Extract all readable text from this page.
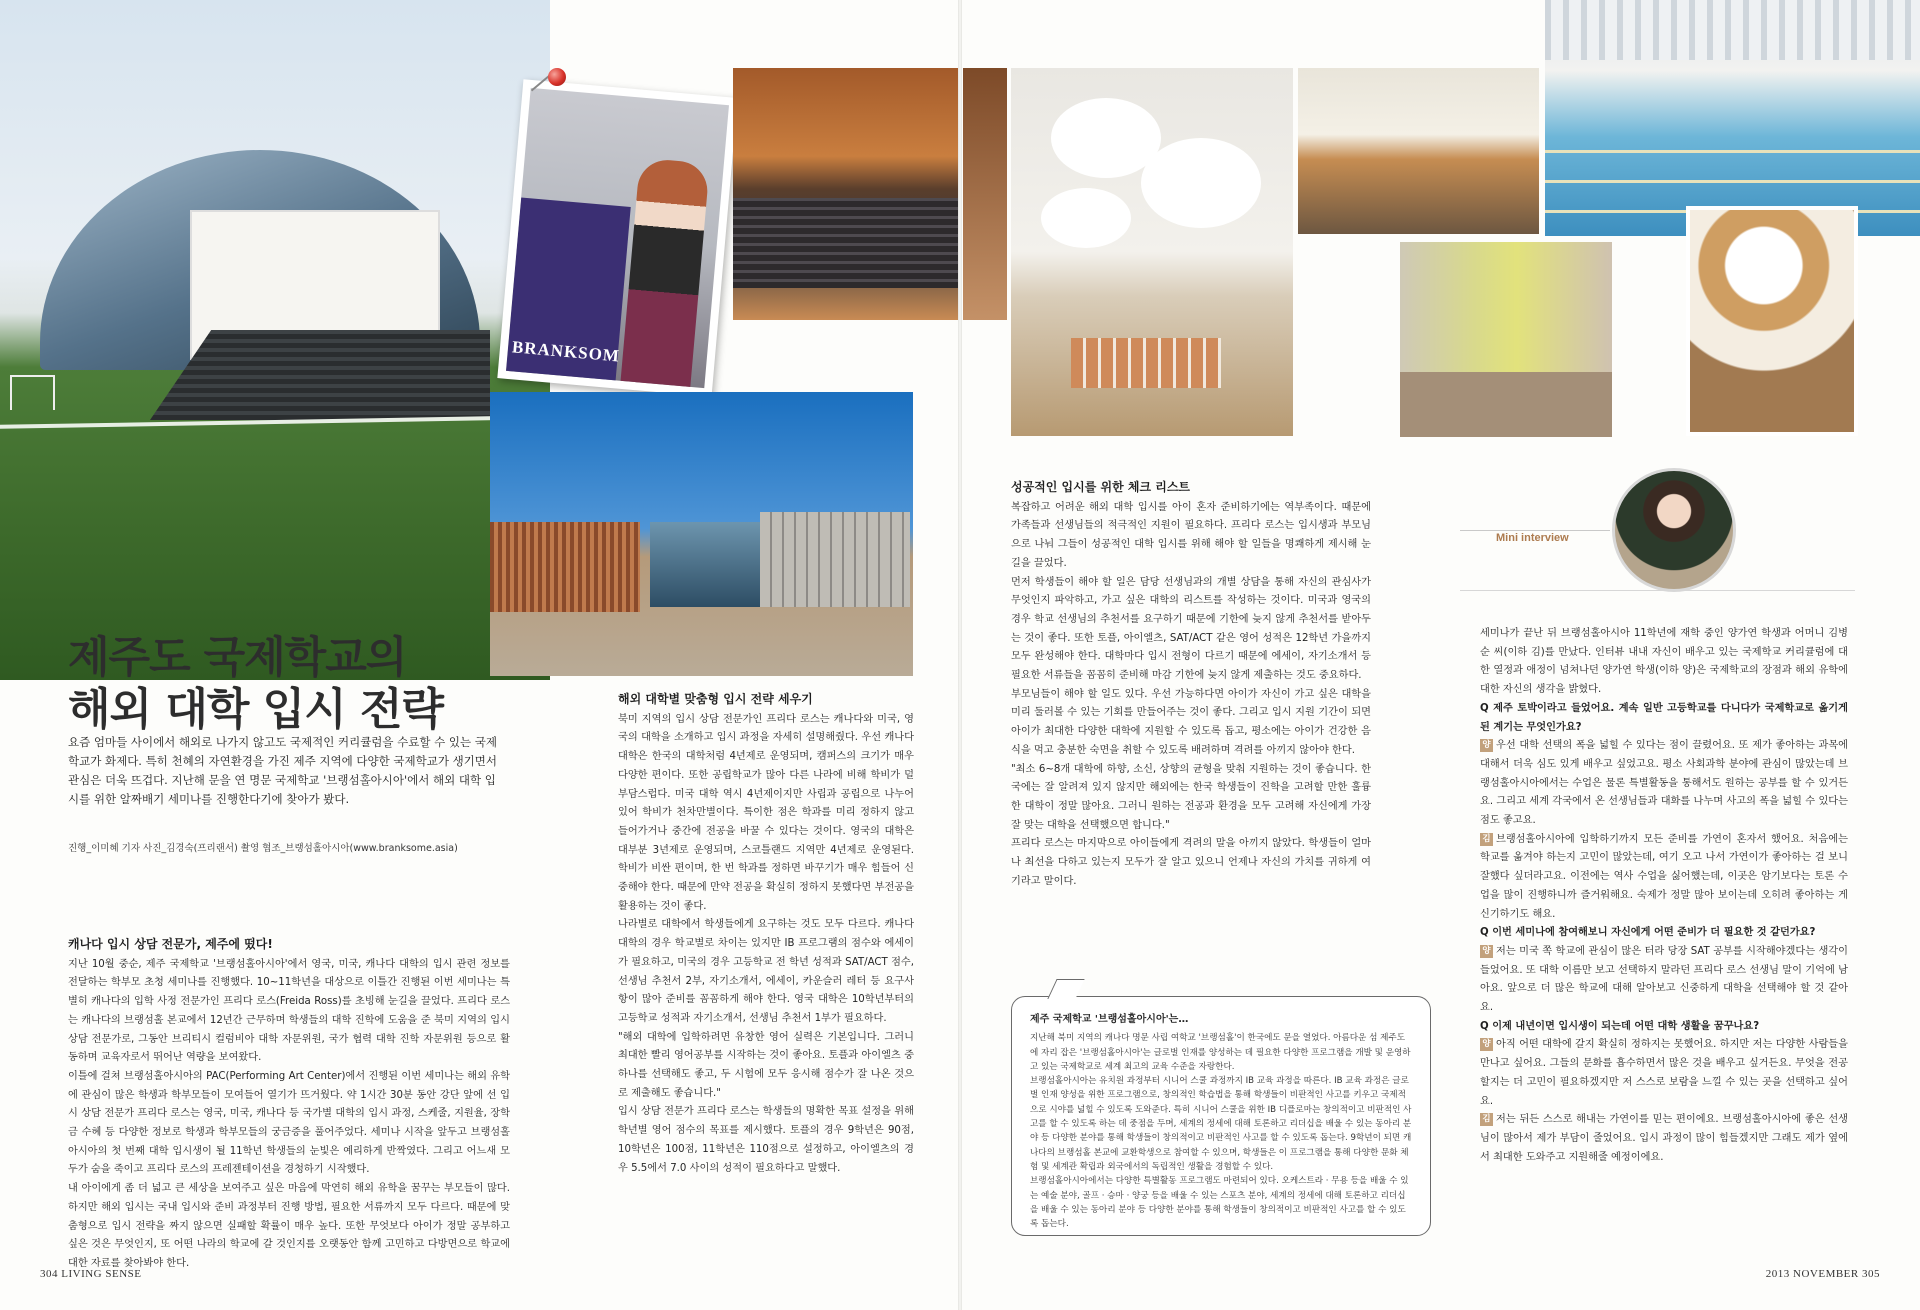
BRANKSOM
제주도 국제학교의
해외 대학 입시 전략
요즘 엄마들 사이에서 해외로 나가지 않고도 국제적인 커리큘럼을 수료할 수 있는 국제학교가 화제다. 특히 천혜의 자연환경을 가진 제주 지역에 다양한 국제학교가 생기면서 관심은 더욱 뜨겁다. 지난해 문을 연 명문 국제학교 '브랭섬홀아시아'에서 해외 대학 입시를 위한 알짜배기 세미나를 진행한다기에 찾아가 봤다.
진행_이미혜 기자 사진_김경숙(프리랜서) 촬영 협조_브랭섬홀아시아(www.branksome.asia)
캐나다 입시 상담 전문가, 제주에 떴다!

지난 10월 중순, 제주 국제학교 '브랭섬홀아시아'에서 영국, 미국, 캐나다 대학의 입시 관련 정보를 전달하는 학부모 초청 세미나를 진행했다. 10~11학년을 대상으로 이틀간 진행된 이번 세미나는 특별히 캐나다의 입학 사정 전문가인 프리다 로스(Freida Ross)를 초빙해 눈길을 끌었다. 프리다 로스는 캐나다의 브랭섬홀 본교에서 12년간 근무하며 학생들의 대학 진학에 도움을 준 북미 지역의 입시 상담 전문가로, 그동안 브리티시 컬럼비아 대학 자문위원, 국가 협력 대학 진학 자문위원 등으로 활동하며 교육자로서 뛰어난 역량을 보여왔다.

이틀에 걸쳐 브랭섬홀아시아의 PAC(Performing Art Center)에서 진행된 이번 세미나는 해외 유학에 관심이 많은 학생과 학부모들이 모여들어 열기가 뜨거웠다. 약 1시간 30분 동안 강단 앞에 선 입시 상담 전문가 프리다 로스는 영국, 미국, 캐나다 등 국가별 대학의 입시 과정, 스케줄, 지원율, 장학금 수혜 등 다양한 정보로 학생과 학부모들의 궁금증을 풀어주었다. 세미나 시작을 앞두고 브랭섬홀아시아의 첫 번째 대학 입시생이 될 11학년 학생들의 눈빛은 예리하게 반짝였다. 그리고 어느새 모두가 숨을 죽이고 프리다 로스의 프레젠테이션을 경청하기 시작했다.

내 아이에게 좀 더 넓고 큰 세상을 보여주고 싶은 마음에 막연히 해외 유학을 꿈꾸는 부모들이 많다. 하지만 해외 입시는 국내 입시와 준비 과정부터 진행 방법, 필요한 서류까지 모두 다르다. 때문에 맞춤형으로 입시 전략을 짜지 않으면 실패할 확률이 매우 높다. 또한 무엇보다 아이가 정말 공부하고 싶은 것은 무엇인지, 또 어떤 나라의 학교에 갈 것인지를 오랫동안 함께 고민하고 다방면으로 학교에 대한 자료를 찾아봐야 한다.

해외 대학별 맞춤형 입시 전략 세우기

북미 지역의 입시 상담 전문가인 프리다 로스는 캐나다와 미국, 영국의 대학을 소개하고 입시 과정을 자세히 설명해줬다. 우선 캐나다 대학은 한국의 대학처럼 4년제로 운영되며, 캠퍼스의 크기가 매우 다양한 편이다. 또한 공립학교가 많아 다른 나라에 비해 학비가 덜 부담스럽다. 미국 대학 역시 4년제이지만 사립과 공립으로 나누어 있어 학비가 천차만별이다. 특이한 점은 학과를 미리 정하지 않고 들어가거나 중간에 전공을 바꿀 수 있다는 것이다. 영국의 대학은 대부분 3년제로 운영되며, 스코틀랜드 지역만 4년제로 운영된다. 학비가 비싼 편이며, 한 번 학과를 정하면 바꾸기가 매우 힘들어 신중해야 한다. 때문에 만약 전공을 확실히 정하지 못했다면 부전공을 활용하는 것이 좋다.

나라별로 대학에서 학생들에게 요구하는 것도 모두 다르다. 캐나다 대학의 경우 학교별로 차이는 있지만 IB 프로그램의 점수와 에세이가 필요하고, 미국의 경우 고등학교 전 학년 성적과 SAT/ACT 점수, 선생님 추천서 2부, 자기소개서, 에세이, 카운슬러 레터 등 요구사항이 많아 준비를 꼼꼼하게 해야 한다. 영국 대학은 10학년부터의 고등학교 성적과 자기소개서, 선생님 추천서 1부가 필요하다.

"해외 대학에 입학하려면 유창한 영어 실력은 기본입니다. 그러니 최대한 빨리 영어공부를 시작하는 것이 좋아요. 토플과 아이엘츠 중 하나를 선택해도 좋고, 두 시험에 모두 응시해 점수가 잘 나온 것으로 제출해도 좋습니다."

입시 상담 전문가 프리다 로스는 학생들의 명확한 목표 설정을 위해 학년별 영어 점수의 목표를 제시했다. 토플의 경우 9학년은 90점, 10학년은 100점, 11학년은 110점으로 설정하고, 아이엘츠의 경우 5.5에서 7.0 사이의 성적이 필요하다고 말했다.

성공적인 입시를 위한 체크 리스트

복잡하고 어려운 해외 대학 입시를 아이 혼자 준비하기에는 역부족이다. 때문에 가족들과 선생님들의 적극적인 지원이 필요하다. 프리다 로스는 입시생과 부모님으로 나눠 그들이 성공적인 대학 입시를 위해 해야 할 일들을 명쾌하게 제시해 눈길을 끌었다.

먼저 학생들이 해야 할 일은 담당 선생님과의 개별 상담을 통해 자신의 관심사가 무엇인지 파악하고, 가고 싶은 대학의 리스트를 작성하는 것이다. 미국과 영국의 경우 학교 선생님의 추천서를 요구하기 때문에 기한에 늦지 않게 추천서를 받아두는 것이 좋다. 또한 토플, 아이엘츠, SAT/ACT 같은 영어 성적은 12학년 가을까지 모두 완성해야 한다. 대학마다 입시 전형이 다르기 때문에 에세이, 자기소개서 등 필요한 서류들을 꼼꼼히 준비해 마감 기한에 늦지 않게 제출하는 것도 중요하다.

부모님들이 해야 할 일도 있다. 우선 가능하다면 아이가 자신이 가고 싶은 대학을 미리 둘러볼 수 있는 기회를 만들어주는 것이 좋다. 그리고 입시 지원 기간이 되면 아이가 최대한 다양한 대학에 지원할 수 있도록 돕고, 평소에는 아이가 건강한 음식을 먹고 충분한 숙면을 취할 수 있도록 배려하며 격려를 아끼지 않아야 한다.

"최소 6~8개 대학에 하향, 소신, 상향의 균형을 맞춰 지원하는 것이 좋습니다. 한국에는 잘 알려져 있지 않지만 해외에는 한국 학생들이 진학을 고려할 만한 훌륭한 대학이 정말 많아요. 그러니 원하는 전공과 환경을 모두 고려해 자신에게 가장 잘 맞는 대학을 선택했으면 합니다."

프리다 로스는 마지막으로 아이들에게 격려의 말을 아끼지 않았다. 학생들이 얼마나 최선을 다하고 있는지 모두가 잘 알고 있으니 언제나 자신의 가치를 귀하게 여기라고 말이다.

제주 국제학교 '브랭섬홀아시아'는…

지난해 북미 지역의 캐나다 명문 사립 여학교 '브랭섬홀'이 한국에도 문을 열었다. 아름다운 섬 제주도에 자리 잡은 '브랭섬홀아시아'는 글로벌 인재를 양성하는 데 필요한 다양한 프로그램을 개발 및 운영하고 있는 국제학교로 세계 최고의 교육 수준을 자랑한다.

브랭섬홀아시아는 유치원 과정부터 시니어 스쿨 과정까지 IB 교육 과정을 따른다. IB 교육 과정은 글로벌 인재 양성을 위한 프로그램으로, 창의적인 학습법을 통해 학생들이 비판적인 사고를 키우고 국제적으로 시야를 넓힐 수 있도록 도와준다. 특히 시니어 스쿨을 위한 IB 디플로마는 창의적이고 비판적인 사고를 할 수 있도록 하는 데 중점을 두며, 세계의 정세에 대해 토론하고 리더십을 배울 수 있는 동아리 분야 등 다양한 분야를 통해 학생들이 창의적이고 비판적인 사고를 할 수 있도록 돕는다. 9학년이 되면 캐나다의 브랭섬홀 본교에 교환학생으로 참여할 수 있으며, 학생들은 이 프로그램을 통해 다양한 문화 체험 및 세계관 확립과 외국에서의 독립적인 생활을 경험할 수 있다.

브랭섬홀아시아에서는 다양한 특별활동 프로그램도 마련되어 있다. 오케스트라 · 무용 등을 배울 수 있는 예술 분야, 골프 · 승마 · 양궁 등을 배울 수 있는 스포츠 분야, 세계의 정세에 대해 토론하고 리더십을 배울 수 있는 동아리 분야 등 다양한 분야를 통해 학생들이 창의적이고 비판적인 사고를 할 수 있도록 돕는다.

Mini interview

세미나가 끝난 뒤 브랭섬홀아시아 11학년에 재학 중인 양가연 학생과 어머니 김병순 씨(이하 김)를 만났다. 인터뷰 내내 자신이 배우고 있는 국제학교 커리큘럼에 대한 열정과 애정이 넘쳐나던 양가연 학생(이하 양)은 국제학교의 장점과 해외 유학에 대한 자신의 생각을 밝혔다.

Q 제주 토박이라고 들었어요. 계속 일반 고등학교를 다니다가 국제학교로 옮기게 된 계기는 무엇인가요?

양 우선 대학 선택의 폭을 넓힐 수 있다는 점이 끌렸어요. 또 제가 좋아하는 과목에 대해서 더욱 심도 있게 배우고 싶었고요. 평소 사회과학 분야에 관심이 많았는데 브랭섬홀아시아에서는 수업은 물론 특별활동을 통해서도 원하는 공부를 할 수 있거든요. 그리고 세계 각국에서 온 선생님들과 대화를 나누며 사고의 폭을 넓힐 수 있다는 점도 좋고요.

김 브랭섬홀아시아에 입학하기까지 모든 준비를 가연이 혼자서 했어요. 처음에는 학교를 옮겨야 하는지 고민이 많았는데, 여기 오고 나서 가연이가 좋아하는 걸 보니 잘했다 싶더라고요. 이전에는 역사 수업을 싫어했는데, 이곳은 암기보다는 토론 수업을 많이 진행하니까 즐거워해요. 숙제가 정말 많아 보이는데 오히려 좋아하는 게 신기하기도 해요.

Q 이번 세미나에 참여해보니 자신에게 어떤 준비가 더 필요한 것 같던가요?

양 저는 미국 쪽 학교에 관심이 많은 터라 당장 SAT 공부를 시작해야겠다는 생각이 들었어요. 또 대학 이름만 보고 선택하지 말라던 프리다 로스 선생님 말이 기억에 남아요. 앞으로 더 많은 학교에 대해 알아보고 신중하게 대학을 선택해야 할 것 같아요.

Q 이제 내년이면 입시생이 되는데 어떤 대학 생활을 꿈꾸나요?

양 아직 어떤 대학에 갈지 확실히 정하지는 못했어요. 하지만 저는 다양한 사람들을 만나고 싶어요. 그들의 문화를 흡수하면서 많은 것을 배우고 싶거든요. 무엇을 전공할지는 더 고민이 필요하겠지만 저 스스로 보람을 느낄 수 있는 곳을 선택하고 싶어요.

김 저는 뒤든 스스로 해내는 가연이를 믿는 편이에요. 브랭섬홀아시아에 좋은 선생님이 많아서 제가 부담이 줄었어요. 입시 과정이 많이 힘들겠지만 그래도 제가 옆에서 최대한 도와주고 지원해줄 예정이에요.

304 LIVING SENSE	2013 NOVEMBER 305
